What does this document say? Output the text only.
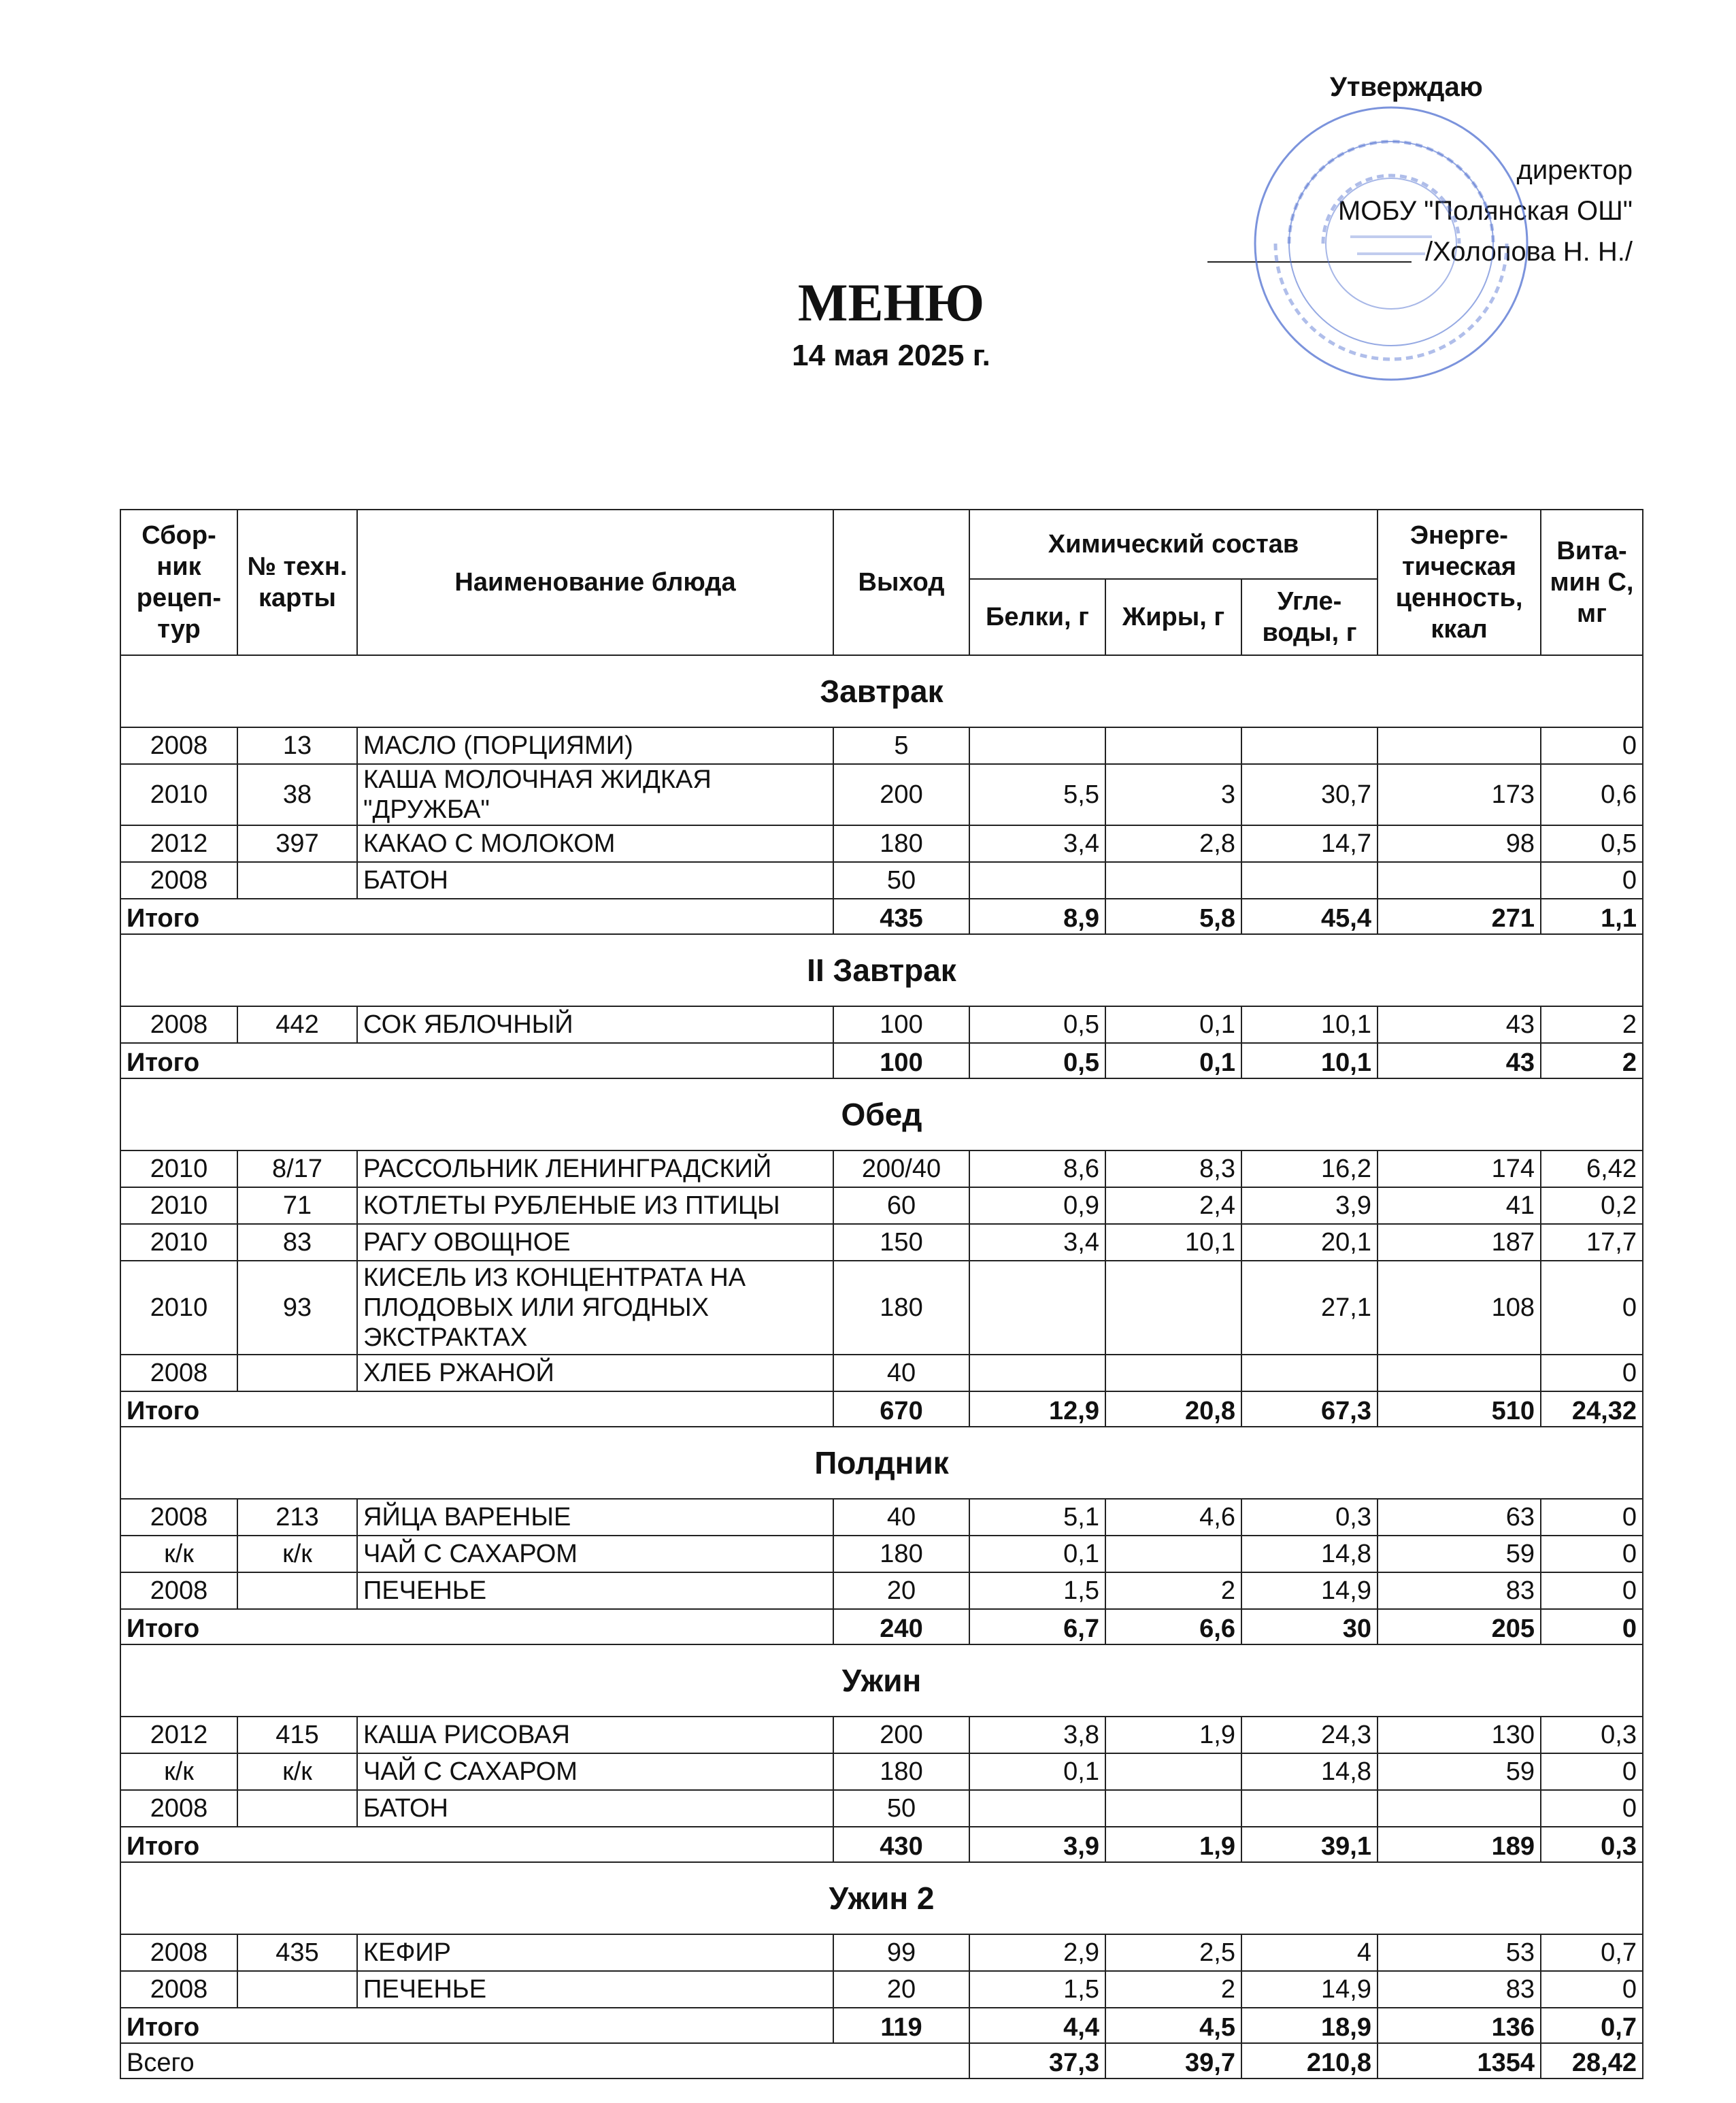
Утверждаю
директор
МОБУ "Полянская ОШ"
/Холопова Н. Н./
МЕНЮ
14 мая 2025 г.
Сбор-ник рецеп-тур	№ техн. карты	Наименование блюда	Выход	Химический состав			Энерге-тическая ценность, ккал	Вита-мин С, мг
				Белки, г	Жиры, г	Угле-воды, г		
Завтрак								
2008	13	МАСЛО (ПОРЦИЯМИ)	5					0
2010	38	КАША МОЛОЧНАЯ ЖИДКАЯ "ДРУЖБА"	200	5,5	3	30,7	173	0,6
2012	397	КАКАО С МОЛОКОМ	180	3,4	2,8	14,7	98	0,5
2008		БАТОН	50					0
Итого			435	8,9	5,8	45,4	271	1,1
II Завтрак								
2008	442	СОК ЯБЛОЧНЫЙ	100	0,5	0,1	10,1	43	2
Итого			100	0,5	0,1	10,1	43	2
Обед								
2010	8/17	РАССОЛЬНИК ЛЕНИНГРАДСКИЙ	200/40	8,6	8,3	16,2	174	6,42
2010	71	КОТЛЕТЫ РУБЛЕНЫЕ ИЗ ПТИЦЫ	60	0,9	2,4	3,9	41	0,2
2010	83	РАГУ ОВОЩНОЕ	150	3,4	10,1	20,1	187	17,7
2010	93	КИСЕЛЬ ИЗ КОНЦЕНТРАТА НА ПЛОДОВЫХ ИЛИ ЯГОДНЫХ ЭКСТРАКТАХ	180			27,1	108	0
2008		ХЛЕБ РЖАНОЙ	40					0
Итого			670	12,9	20,8	67,3	510	24,32
Полдник								
2008	213	ЯЙЦА ВАРЕНЫЕ	40	5,1	4,6	0,3	63	0
к/к	к/к	ЧАЙ С САХАРОМ	180	0,1		14,8	59	0
2008		ПЕЧЕНЬЕ	20	1,5	2	14,9	83	0
Итого			240	6,7	6,6	30	205	0
Ужин								
2012	415	КАША РИСОВАЯ	200	3,8	1,9	24,3	130	0,3
к/к	к/к	ЧАЙ С САХАРОМ	180	0,1		14,8	59	0
2008		БАТОН	50					0
Итого			430	3,9	1,9	39,1	189	0,3
Ужин 2								
2008	435	КЕФИР	99	2,9	2,5	4	53	0,7
2008		ПЕЧЕНЬЕ	20	1,5	2	14,9	83	0
Итого			119	4,4	4,5	18,9	136	0,7
Всего				37,3	39,7	210,8	1354	28,42
